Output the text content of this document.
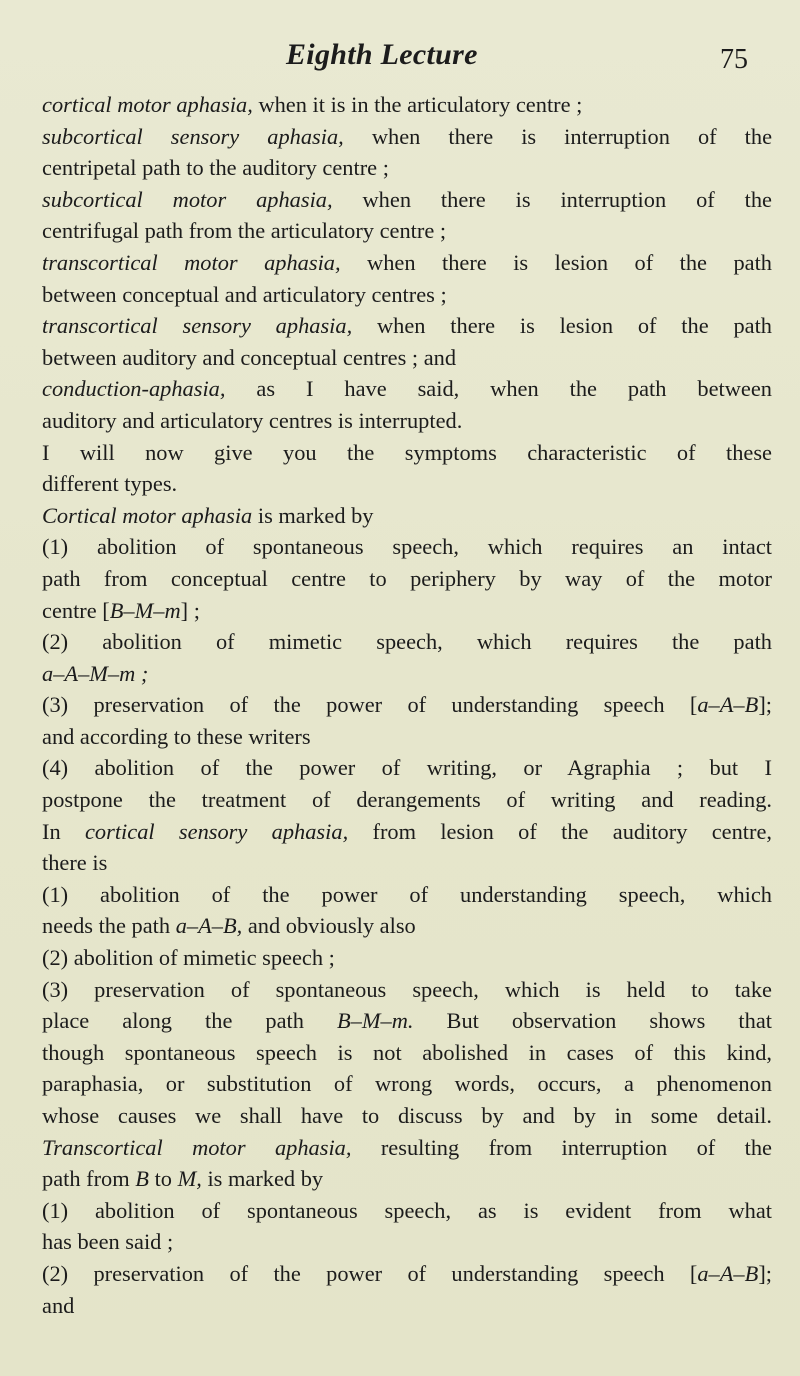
Eighth Lecture	75
cortical motor aphasia, when it is in the articulatory centre ;
subcortical sensory aphasia, when there is interruption of the
centripetal path to the auditory centre ;
subcortical motor aphasia, when there is interruption of the
centrifugal path from the articulatory centre ;
transcortical motor aphasia, when there is lesion of the path
between conceptual and articulatory centres ;
transcortical sensory aphasia, when there is lesion of the path
between auditory and conceptual centres ; and
conduction-aphasia, as I have said, when the path between
auditory and articulatory centres is interrupted.
I will now give you the symptoms characteristic of these
different types.
Cortical motor aphasia is marked by
(1) abolition of spontaneous speech, which requires an intact
path from conceptual centre to periphery by way of the motor
centre [B–M–m] ;
(2) abolition of mimetic speech, which requires the path
a–A–M–m ;
(3) preservation of the power of understanding speech [a–A–B];
and according to these writers
(4) abolition of the power of writing, or Agraphia ; but I
postpone the treatment of derangements of writing and reading.
In cortical sensory aphasia, from lesion of the auditory centre,
there is
(1) abolition of the power of understanding speech, which
needs the path a–A–B, and obviously also
(2) abolition of mimetic speech ;
(3) preservation of spontaneous speech, which is held to take
place along the path B–M–m. But observation shows that
though spontaneous speech is not abolished in cases of this kind,
paraphasia, or substitution of wrong words, occurs, a phenomenon
whose causes we shall have to discuss by and by in some detail.
Transcortical motor aphasia, resulting from interruption of the
path from B to M, is marked by
(1) abolition of spontaneous speech, as is evident from what
has been said ;
(2) preservation of the power of understanding speech [a–A–B];
and
